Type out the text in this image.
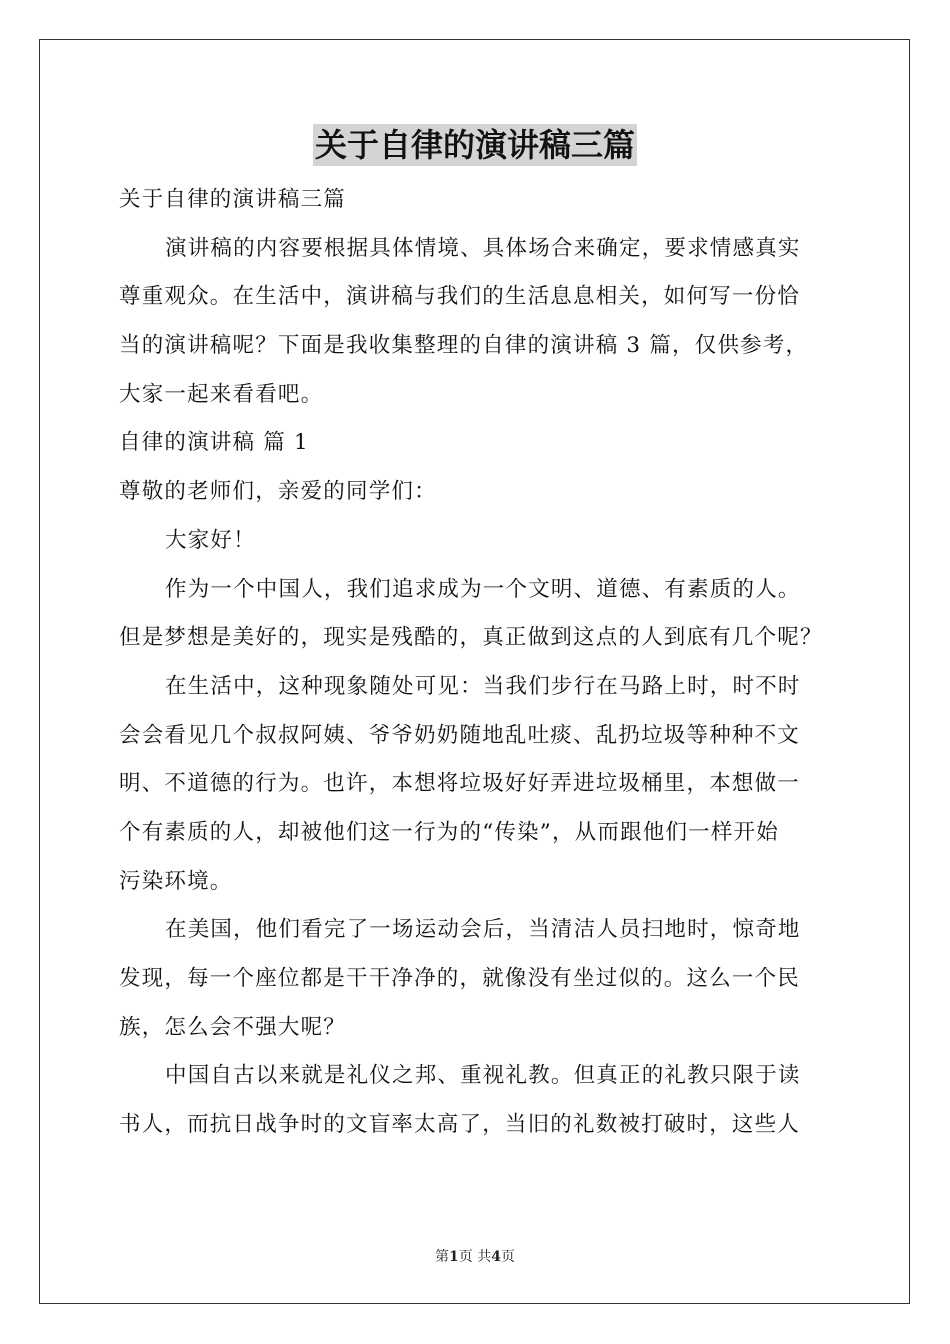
关于自律的演讲稿三篇
关于自律的演讲稿三篇
演讲稿的内容要根据具体情境、具体场合来确定，要求情感真实
尊重观众。在生活中，演讲稿与我们的生活息息相关，如何写一份恰
当的演讲稿呢？下面是我收集整理的自律的演讲稿 3 篇，仅供参考，
大家一起来看看吧。
自律的演讲稿 篇 1
尊敬的老师们，亲爱的同学们：
大家好！
作为一个中国人，我们追求成为一个文明、道德、有素质的人。
但是梦想是美好的，现实是残酷的，真正做到这点的人到底有几个呢？
在生活中，这种现象随处可见：当我们步行在马路上时，时不时
会会看见几个叔叔阿姨、爷爷奶奶随地乱吐痰、乱扔垃圾等种种不文
明、不道德的行为。也许，本想将垃圾好好弄进垃圾桶里，本想做一
个有素质的人，却被他们这一行为的“传染”，从而跟他们一样开始
污染环境。
在美国，他们看完了一场运动会后，当清洁人员扫地时，惊奇地
发现，每一个座位都是干干净净的，就像没有坐过似的。这么一个民
族，怎么会不强大呢？
中国自古以来就是礼仪之邦、重视礼教。但真正的礼教只限于读
书人，而抗日战争时的文盲率太高了，当旧的礼数被打破时，这些人
第1页 共4页
